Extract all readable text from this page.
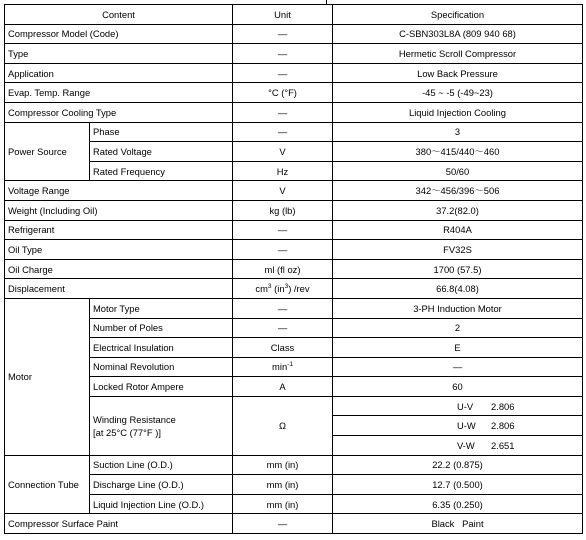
Content		Unit	Specification
Compressor Model (Code)		—	C-SBN303L8A (809 940 68)
Type		—	Hermetic Scroll Compressor
Application		—	Low Back Pressure
Evap. Temp. Range		°C (°F)	-45 ~ -5 (-49~23)
Compressor Cooling Type		—	Liquid Injection Cooling
Power Source	Phase	—	3
	Rated Voltage	V	380～415/440～460
	Rated Frequency	Hz	50/60
Voltage Range		V	342～456/396～506
Weight (Including Oil)		kg (lb)	37.2(82.0)
Refrigerant		—	R404A
Oil Type		—	FV32S
Oil Charge		ml (fl oz)	1700 (57.5)
Displacement		$cm^3$ $(in^3)$ /rev	66.8(4.08)
Motor	Motor Type	—	3-PH Induction Motor
	Number of Poles	—	2
	Electrical Insulation	Class	E
	Nominal Revolution	$\min^{-1}$	—
	Locked Rotor Ampere	A	60
	Winding Resistance
[at 25°C (77°F )]	Ω	U-V 2.806
			U-W 2.806
			V-W 2.651
Connection Tube	Suction Line (O.D.)	mm (in)	22.2 (0.875)
	Discharge Line (O.D.)	mm (in)	12.7 (0.500)
	Liquid Injection Line (O.D.)	mm (in)	6.35 (0.250)
Compressor Surface Paint		—	Black   Paint
